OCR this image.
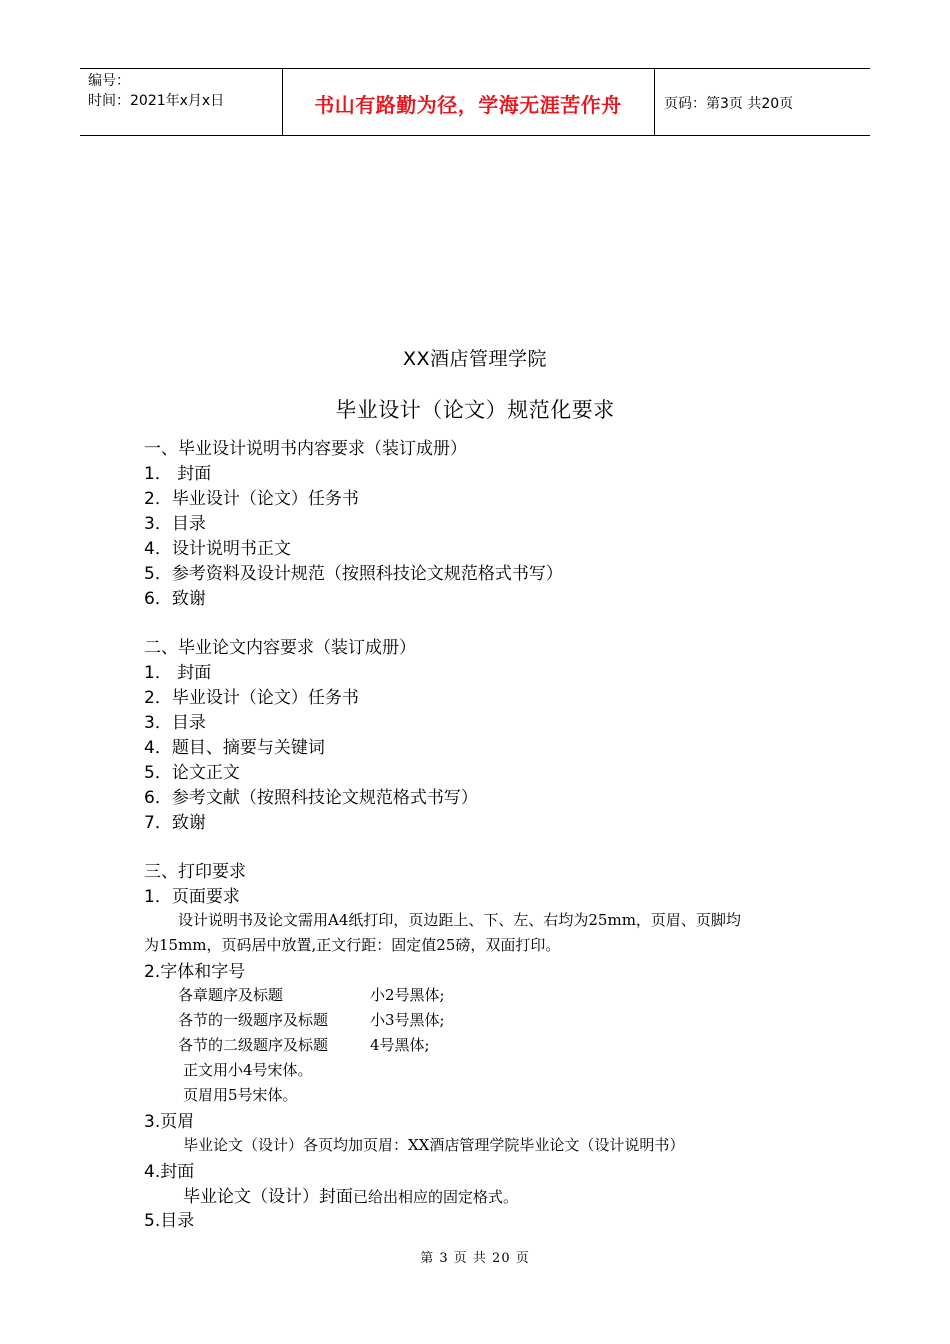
编号：
时间：2021年x月x日	书山有路勤为径，学海无涯苦作舟	页码：第3页 共20页
XX酒店管理学院
毕业设计（论文）规范化要求
一、毕业设计说明书内容要求（装订成册）
1． 封面
2．毕业设计（论文）任务书
3．目录
4．设计说明书正文
5．参考资料及设计规范（按照科技论文规范格式书写）
6．致谢
二、毕业论文内容要求（装订成册）
1． 封面
2．毕业设计（论文）任务书
3．目录
4．题目、摘要与关键词
5．论文正文
6．参考文献（按照科技论文规范格式书写）
7．致谢
三、打印要求
1．页面要求
设计说明书及论文需用A4纸打印，页边距上、下、左、右均为25mm，页眉、页脚均
为15mm，页码居中放置,正文行距：固定值25磅，双面打印。
2.字体和字号
各章题序及标题	小2号黑体;
各节的一级题序及标题	小3号黑体;
各节的二级题序及标题	4号黑体;
正文用小4号宋体。
页眉用5号宋体。
3.页眉
毕业论文（设计）各页均加页眉：XX酒店管理学院毕业论文（设计说明书）
4.封面
毕业论文（设计）封面已给出相应的固定格式。
5.目录
第 3 页 共 20 页
